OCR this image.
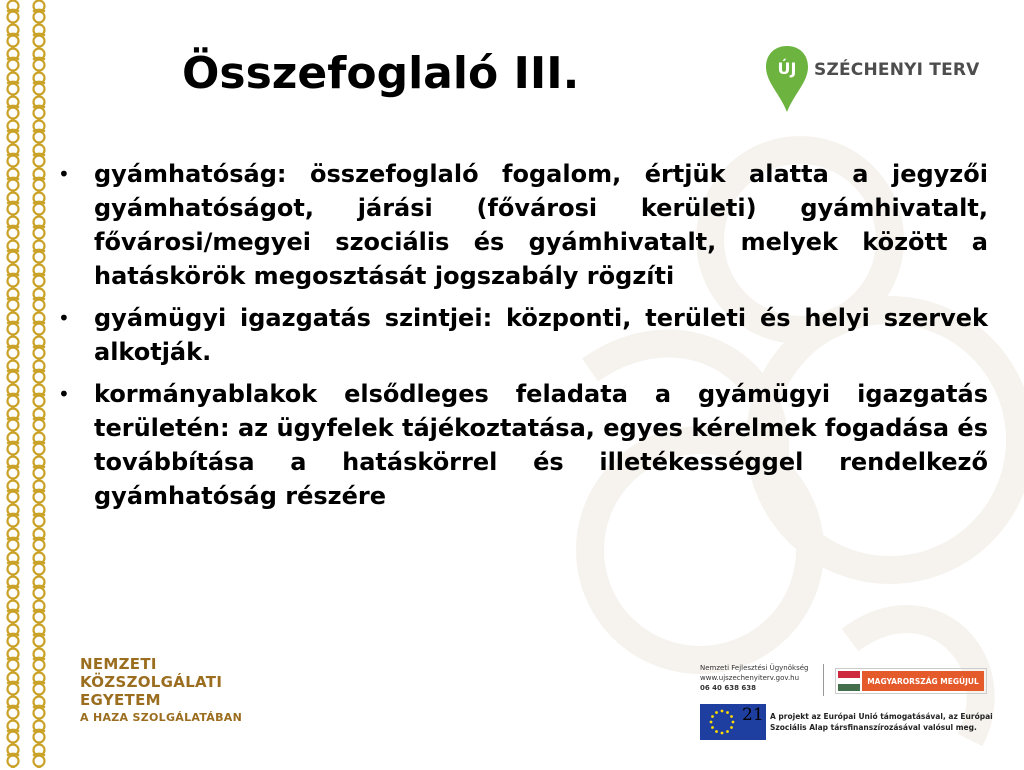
Összefoglaló III.	ÚJ SZÉCHENYI TERV
• gyámhatóság: összefoglaló fogalom, értjük alatta a jegyzői gyámhatóságot, járási (fővárosi kerületi) gyámhivatalt, fővárosi/megyei szociális és gyámhivatalt, melyek között a hatáskörök megosztását jogszabály rögzíti
• gyámügyi igazgatás szintjei: központi, területi és helyi szervek alkotják.
• kormányablakok elsődleges feladata a gyámügyi igazgatás területén: az ügyfelek tájékoztatása, egyes kérelmek fogadása és továbbítása a hatáskörrel és illetékességgel rendelkező gyámhatóság részére
NEMZETI
KÖZSZOLGÁLATI
EGYETEM
A HAZA SZOLGÁLATÁBAN
Nemzeti Fejlesztési Ügynökség
www.ujszechenyiterv.gov.hu
06 40 638 638
MAGYARORSZÁG MEGÚJUL
21 A projekt az Európai Unió támogatásával, az Európai
Szociális Alap társfinanszírozásával valósul meg.
